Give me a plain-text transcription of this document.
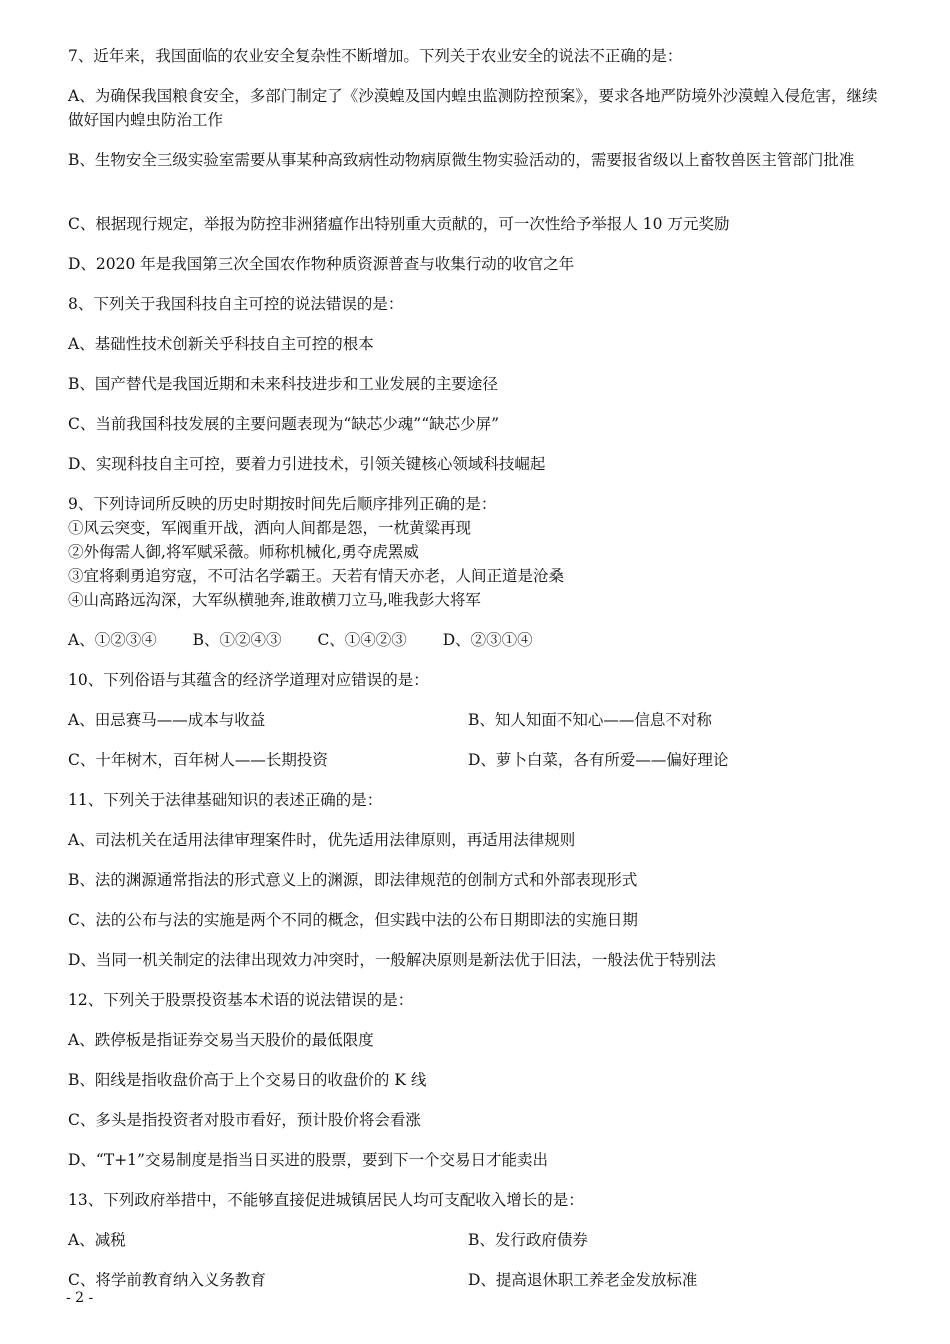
7、近年来，我国面临的农业安全复杂性不断增加。下列关于农业安全的说法不正确的是：
A、为确保我国粮食安全，多部门制定了《沙漠蝗及国内蝗虫监测防控预案》，要求各地严防境外沙漠蝗入侵危害，继续做好国内蝗虫防治工作
B、生物安全三级实验室需要从事某种高致病性动物病原微生物实验活动的，需要报省级以上畜牧兽医主管部门批准
C、根据现行规定，举报为防控非洲猪瘟作出特别重大贡献的，可一次性给予举报人 10 万元奖励
D、2020 年是我国第三次全国农作物种质资源普查与收集行动的收官之年
8、下列关于我国科技自主可控的说法错误的是：
A、基础性技术创新关乎科技自主可控的根本
B、国产替代是我国近期和未来科技进步和工业发展的主要途径
C、当前我国科技发展的主要问题表现为“缺芯少魂”“缺芯少屏”
D、实现科技自主可控，要着力引进技术，引领关键核心领域科技崛起
9、下列诗词所反映的历史时期按时间先后顺序排列正确的是：
①风云突变，军阀重开战，洒向人间都是怨，一枕黄粱再现
②外侮需人御,将军赋采薇。师称机械化,勇夺虎罴威
③宜将剩勇追穷寇，不可沽名学霸王。天若有情天亦老，人间正道是沧桑
④山高路远沟深，大军纵横驰奔,谁敢横刀立马,唯我彭大将军
A、①②③④　　 B、①②④③　　 C、①④②③　　 D、②③①④
10、下列俗语与其蕴含的经济学道理对应错误的是：
A、田忌赛马——成本与收益	B、知人知面不知心——信息不对称
C、十年树木，百年树人——长期投资	D、萝卜白菜，各有所爱——偏好理论
11、下列关于法律基础知识的表述正确的是：
A、司法机关在适用法律审理案件时，优先适用法律原则，再适用法律规则
B、法的渊源通常指法的形式意义上的渊源，即法律规范的创制方式和外部表现形式
C、法的公布与法的实施是两个不同的概念，但实践中法的公布日期即法的实施日期
D、当同一机关制定的法律出现效力冲突时，一般解决原则是新法优于旧法，一般法优于特别法
12、下列关于股票投资基本术语的说法错误的是：
A、跌停板是指证券交易当天股价的最低限度
B、阳线是指收盘价高于上个交易日的收盘价的 K 线
C、多头是指投资者对股市看好，预计股价将会看涨
D、“T+1”交易制度是指当日买进的股票，要到下一个交易日才能卖出
13、下列政府举措中，不能够直接促进城镇居民人均可支配收入增长的是：
A、减税	B、发行政府债券
C、将学前教育纳入义务教育	D、提高退休职工养老金发放标准
- 2 -
